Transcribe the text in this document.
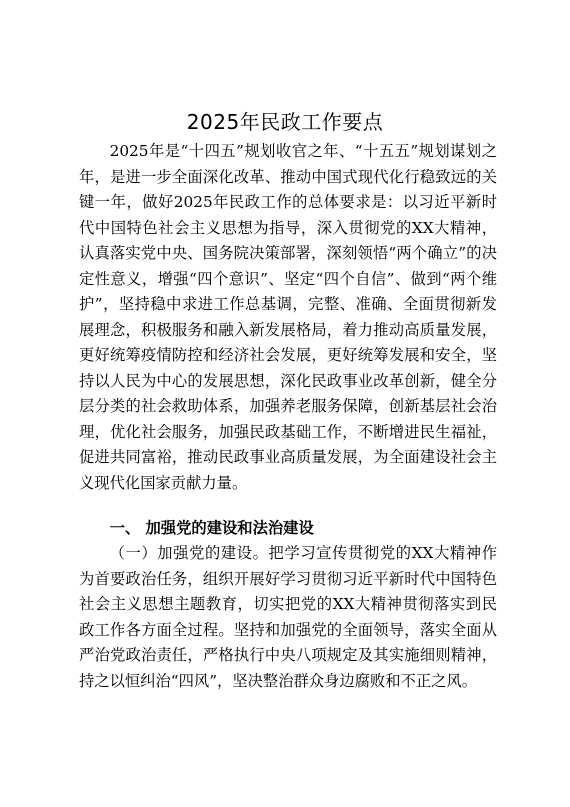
2025年民政工作要点

2025年是“十四五”规划收官之年、“十五五”规划谋划之年，是进一步全面深化改革、推动中国式现代化行稳致远的关键一年，做好2025年民政工作的总体要求是：以习近平新时代中国特色社会主义思想为指导，深入贯彻党的XX大精神，认真落实党中央、国务院决策部署，深刻领悟“两个确立”的决定性意义，增强“四个意识”、坚定“四个自信”、做到“两个维护”，坚持稳中求进工作总基调，完整、准确、全面贯彻新发展理念，积极服务和融入新发展格局，着力推动高质量发展，更好统筹疫情防控和经济社会发展，更好统筹发展和安全，坚持以人民为中心的发展思想，深化民政事业改革创新，健全分层分类的社会救助体系，加强养老服务保障，创新基层社会治理，优化社会服务，加强民政基础工作，不断增进民生福祉，促进共同富裕，推动民政事业高质量发展，为全面建设社会主义现代化国家贡献力量。

一、 加强党的建设和法治建设

（一）加强党的建设。把学习宣传贯彻党的XX大精神作为首要政治任务，组织开展好学习贯彻习近平新时代中国特色社会主义思想主题教育，切实把党的XX大精神贯彻落实到民政工作各方面全过程。坚持和加强党的全面领导，落实全面从严治党政治责任，严格执行中央八项规定及其实施细则精神，持之以恒纠治“四风”，坚决整治群众身边腐败和不正之风。
